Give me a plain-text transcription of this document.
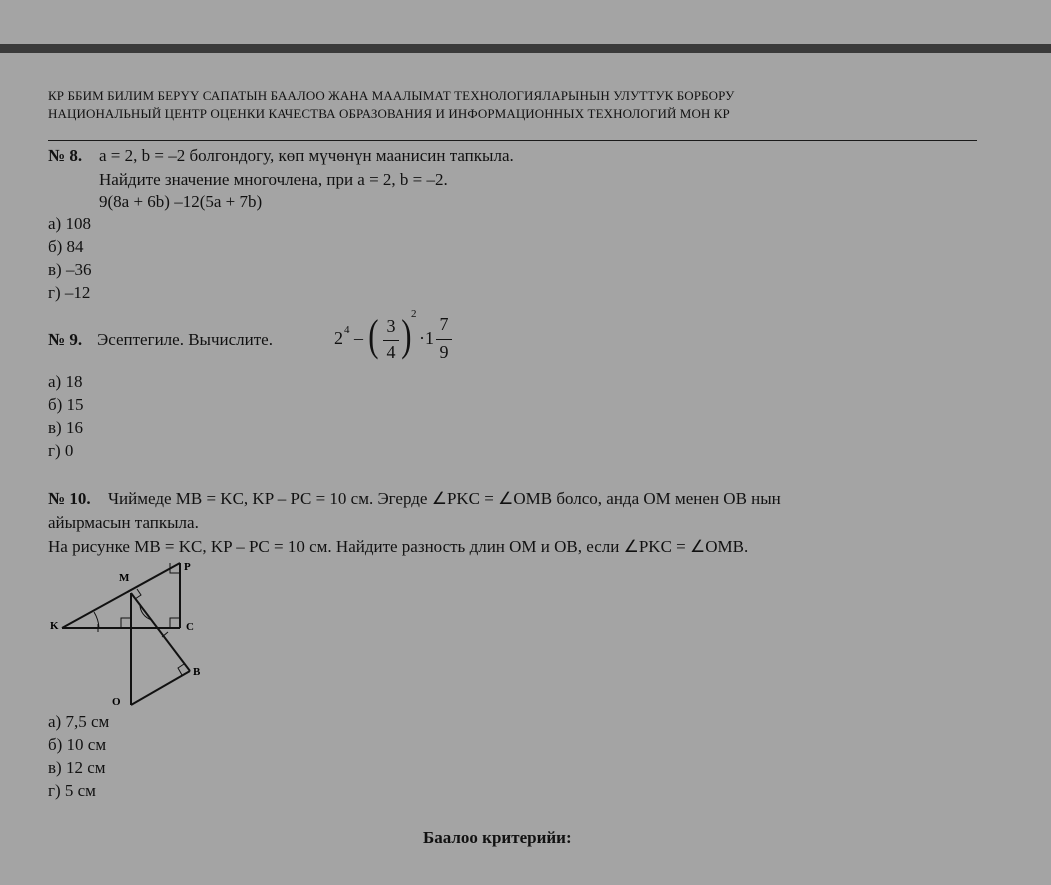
КР ББИМ БИЛИМ БЕРҮҮ САПАТЫН БААЛОО ЖАНА МААЛЫМАТ ТЕХНОЛОГИЯЛАРЫНЫН УЛУТТУК БОРБОРУ
НАЦИОНАЛЬНЫЙ ЦЕНТР ОЦЕНКИ КАЧЕСТВА ОБРАЗОВАНИЯ И ИНФОРМАЦИОННЫХ ТЕХНОЛОГИЙ МОН КР
№ 8. a = 2, b = –2 болгондогу, көп мүчөнүн маанисин тапкыла.
Найдите значение многочлена, при a = 2, b = –2.
9(8a + 6b) –12(5a + 7b)
а) 108
б) 84
в) –36
г) –12
№ 9. Эсептегиле. Вычислите.	2 4 – ( 3
4 ) 2
·1
7
9
а) 18
б) 15
в) 16
г) 0
№ 10. Чиймеде MB = KC, KP – PC = 10 см. Эгерде ∠PKC = ∠OMB болсо, анда OM менен OB нын
айырмасын тапкыла.
На рисунке MB = KC, KP – PC = 10 см. Найдите разность длин OM и OB, если ∠PKC = ∠OMB.
M
P
K	C
B
O
а) 7,5 см
б) 10 см
в) 12 см
г) 5 см
Баалоо критерийи:
